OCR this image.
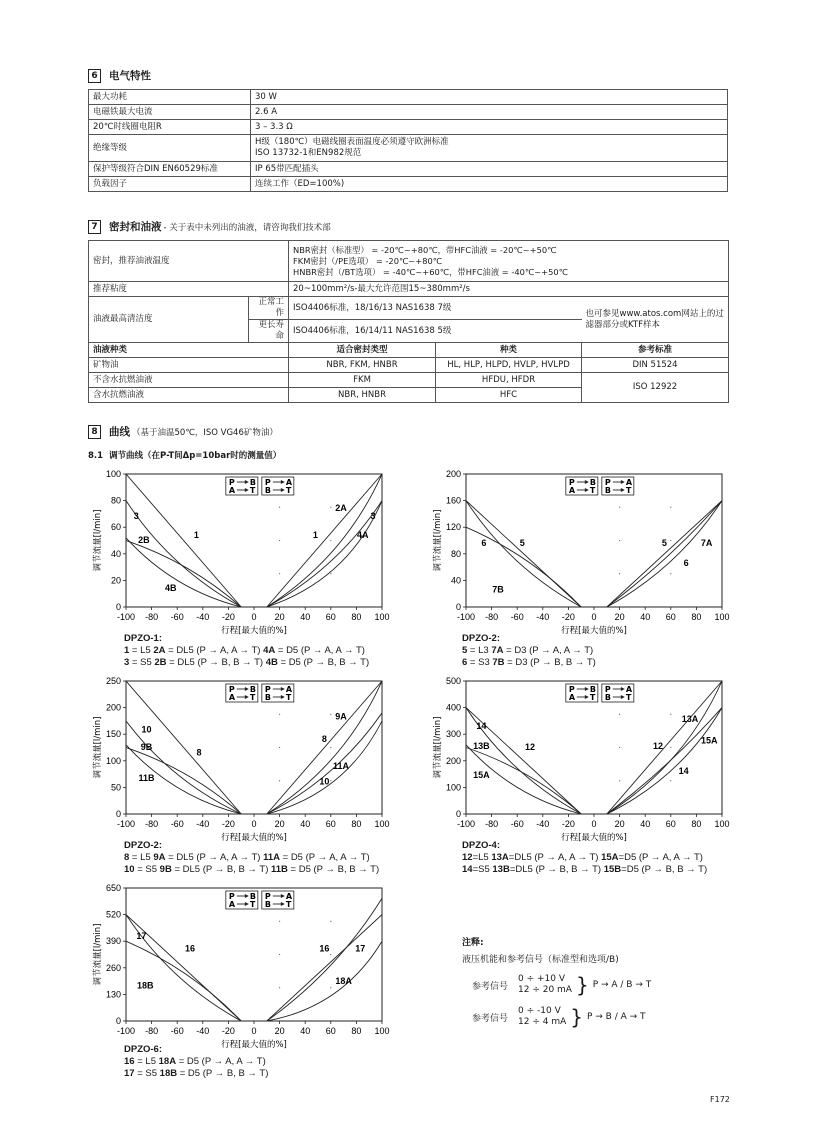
6	电气特性
最大功耗	30 W
电磁铁最大电流	2.6 A
20℃时线圈电阻R	3 – 3.3 Ω
绝缘等级	H级（180℃）电磁线圈表面温度必须遵守欧洲标准
ISO 13732-1和EN982规范

保护等级符合DIN EN60529标准	IP 65带匹配插头
负载因子	连续工作（ED=100%)
7	密封和油液 - 关于表中未列出的油液，请咨询我们技术部
密封，推荐油液温度		NBR密封（标准型） = -20℃~+80℃，带HFC油液 = -20℃~+50℃
FKM密封（/PE选项） = -20℃~+80℃
HNBR密封（/BT选项） = -40℃~+60℃，带HFC油液 = -40℃~+50℃		

推荐粘度		20~100mm²/s-最大允许范围15~380mm²/s		
油液最高清洁度	正常工作	ISO4406标准，18/16/13 NAS1638 7级		也可参见www.atos.com网站上的过滤器部分或KTF样本
	更长寿命	ISO4406标准，16/14/11 NAS1638 5级		
油液种类		适合密封类型	种类	参考标准
矿物油		NBR, FKM, HNBR	HL, HLP, HLPD, HVLP, HVLPD	DIN 51524
不含水抗燃油液		FKM	HFDU, HFDR	ISO 12922
含水抗燃油液		NBR, HNBR	HFC	
8	曲线 （基于油温50℃，ISO VG46矿物油）
8.1 调节曲线（在P-T间Δp=10bar时的测量值）
0
20
40
60
80
100
-100 -80 -60 -40 -20 0 20 40 60 80 100
行程[最大值的%]
调节流量[l/min]	3
2B
1
4B
1
2A
3
4A
P B
A T
P A
B T
0
40
80
120
160
200
-100 -80 -60 -40 -20 0 20 40 60 80 100
行程[最大值的%]
调节流量[l/min]	6	5
7B
5	7A
6
P B
A T
P A
B T
0
50
100
150
200
250
-100 -80 -60 -40 -20 0 20 40 60 80 100
行程[最大值的%]
调节流量[l/min]	10
9B
8
11B
9A
8
11A
10
P B
A T
P A
B T
0
100
200
300
400
500
-100 -80 -60 -40 -20 0 20 40 60 80 100
行程[最大值的%]
调节流量[l/min]	14
13B	12
15A
13A
12
15A
14
P B
A T
P A
B T
0
130
260
390
520
650
-100 -80 -60 -40 -20 0 20 40 60 80 100
行程[最大值的%]
调节流量[l/min]	17
16
18B
16	17
18A
P B
A T
P A
B T
DPZO-1:
1 = L5 2A = DL5 (P → A, A → T) 4A = D5 (P → A, A → T)
3 = S5 2B = DL5 (P → B, B → T) 4B = D5 (P → B, B → T)
DPZO-2:
5 = L3 7A = D3 (P → A, A → T)
6 = S3 7B = D3 (P → B, B → T)
DPZO-2:
8 = L5 9A = DL5 (P → A, A → T) 11A = D5 (P → A, A → T)
10 = S5 9B = DL5 (P → B, B → T) 11B = D5 (P → B, B → T)
DPZO-4:
12=L5 13A=DL5 (P → A, A → T) 15A=D5 (P → A, A → T)
14=S5 13B=DL5 (P → B, B → T) 15B=D5 (P → B, B → T)
DPZO-6:
16 = L5 18A = D5 (P → A, A → T)
17 = S5 18B = D5 (P → B, B → T)
注释:
液压机能和参考信号（标准型和选项/B)
参考信号
0 ÷ +10 V
12 ÷ 20 mA } P → A / B → T
参考信号
0 ÷ -10 V
12 ÷ 4 mA } P → B / A → T
F172
